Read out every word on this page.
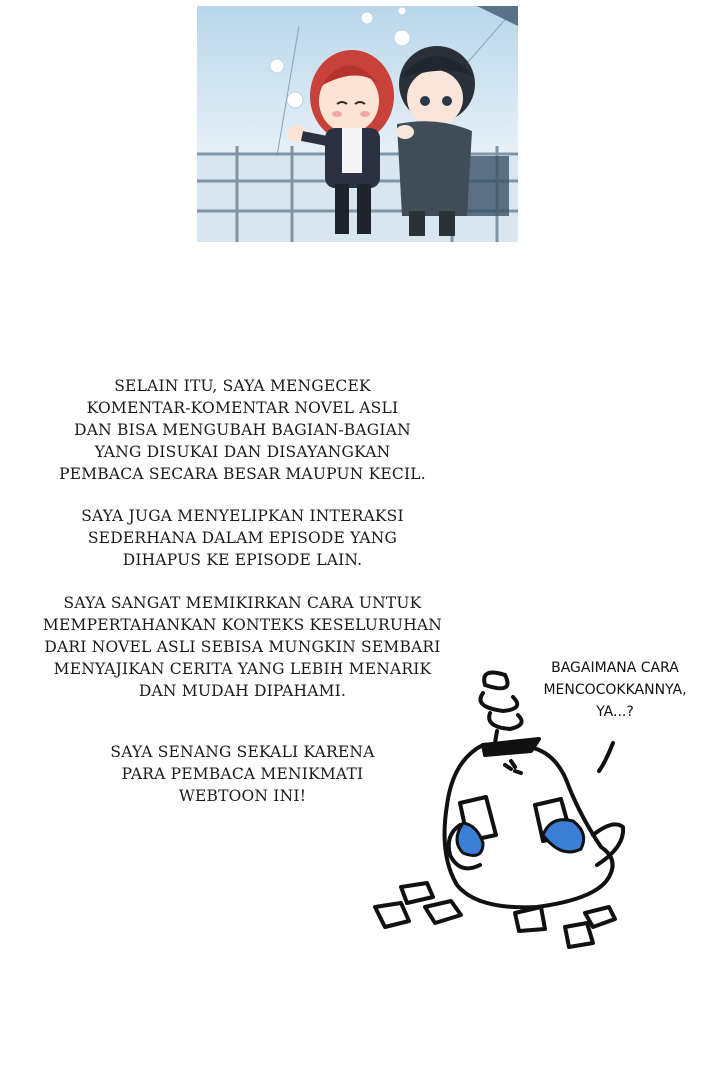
SELAIN ITU, SAYA MENGECEK
KOMENTAR-KOMENTAR NOVEL ASLI
DAN BISA MENGUBAH BAGIAN-BAGIAN
YANG DISUKAI DAN DISAYANGKAN
PEMBACA SECARA BESAR MAUPUN KECIL.
SAYA JUGA MENYELIPKAN INTERAKSI
SEDERHANA DALAM EPISODE YANG
DIHAPUS KE EPISODE LAIN.
SAYA SANGAT MEMIKIRKAN CARA UNTUK
MEMPERTAHANKAN KONTEKS KESELURUHAN
DARI NOVEL ASLI SEBISA MUNGKIN SEMBARI
MENYAJIKAN CERITA YANG LEBIH MENARIK
DAN MUDAH DIPAHAMI.
SAYA SENANG SEKALI KARENA
PARA PEMBACA MENIKMATI
WEBTOON INI!
BAGAIMANA CARA
MENCOCOKKANNYA,
YA...?
